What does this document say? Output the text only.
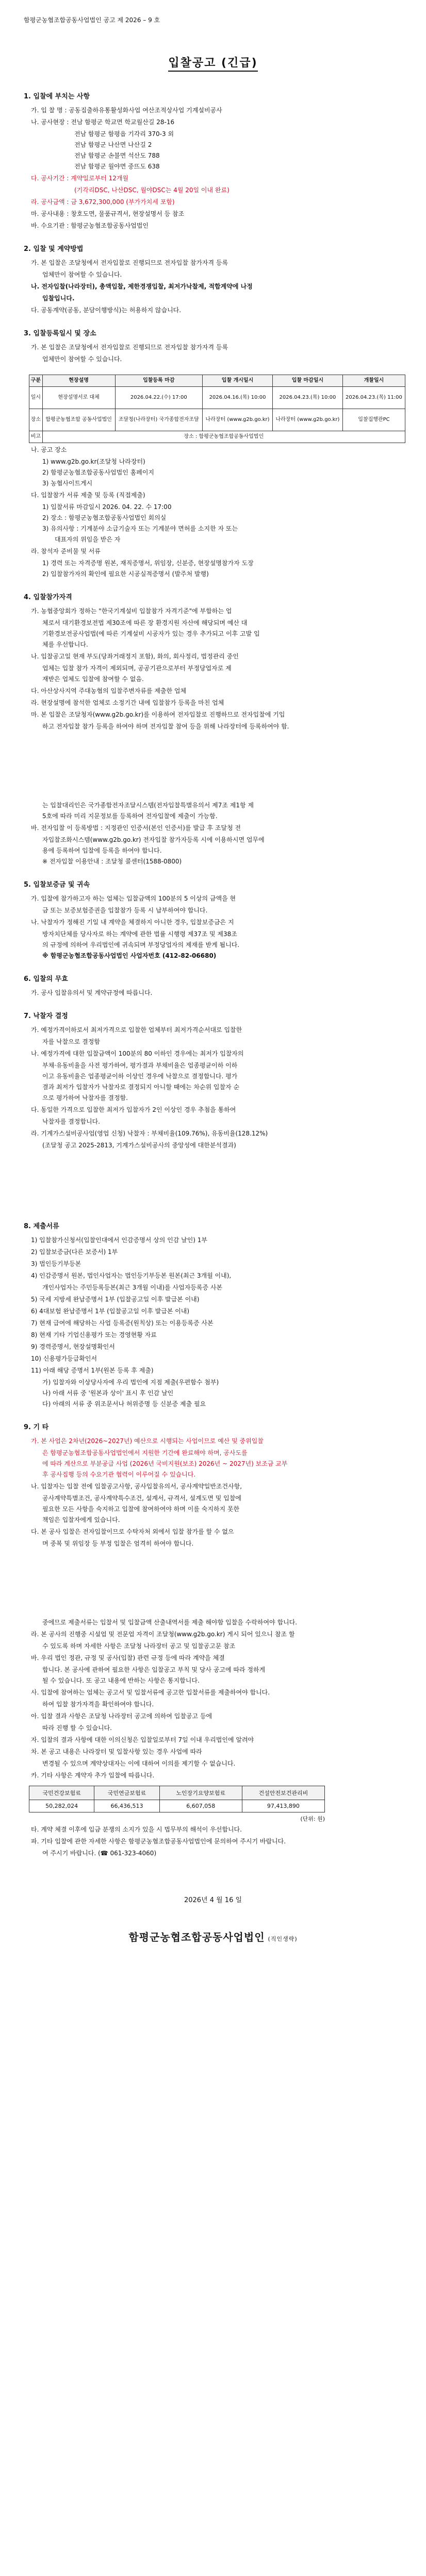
함평군농협조합공동사업법인 공고 제 2026 – 9 호
입찰공고 (긴급)
1. 입찰에 부치는 사항
가. 입 찰 명 : 공동집출하유통활성화사업 여산조적상사업 기계설비공사
나. 공사현장 : 전남 함평군 학교면 학교월산길 28-16
전남 함평군 함평읍 기각리 370-3 외
전남 함평군 나산면 나산길 2
전남 함평군 손불면 석산도 788
전남 함평군 월야면 중뜨도 638
다. 공사기간 : 계약일로부터 12개월
(기각리DSC, 나산DSC, 월야DSC는 4월 20일 이내 완료)
라. 공사금액 : 금 3,672,300,000 (부가가치세 포함)
마. 공사내용 : 창호도면, 물품규격서, 현장설명서 등 참조
바. 수요기관 : 함평군농협조합공동사업법인
2. 입찰 및 계약방법
가. 본 입찰은 조달청에서 전자입찰로 진행되므로 전자입찰 참가자격 등록
업체만이 참여할 수 있습니다.
나. 전자입찰(나라장터), 총액입찰, 제한경쟁입찰, 최저가낙찰제, 적합계약에 나정
입찰입니다.
다. 공동계약(공동, 분담이행방식)는 허용하지 않습니다.
3. 입찰등록일시 및 장소
가. 본 입찰은 조달청에서 전자입찰로 진행되므로 전자입찰 참가자격 등록
업체만이 참여할 수 있습니다.
구분	현장설명	입찰등록 마감	입찰 개시일시	입찰 마감일시	개찰일시
일시	현장설명서로 대체	2026.04.22.(수) 17:00	2026.04.16.(목) 10:00	2026.04.23.(목) 10:00	2026.04.23.(목) 11:00
장소	함평군농협조합 공동사업법인	조달청(나라장터) 국가종합전자조달	나라장터 (www.g2b.go.kr)	나라장터 (www.g2b.go.kr)	입찰집행관PC
비고	장소 : 함평군농협조합공동사업법인				
나. 공고 장소
1) www.g2b.go.kr(조달청 나라장터)
2) 함평군농협조합공동사업법인 홈페이지
3) 농협사이트게시
다. 입찰참가 서류 제출 및 등록 (직접제출)
1) 입찰서류 마감일시 2026. 04. 22. 수 17:00
2) 장소 : 함평군농협조합공동사업법인 회의실
3) 유의사항 : 기계분야 소급기술자 또는 기계분야 면허를 소지한 자 또는
대표자의 위임을 받은 자
라. 참석자 준비물 및 서류
1) 경력 또는 자격증명 원본, 재직증명서, 위임장, 신분증, 현장설명참가자 도장
2) 입찰참가자의 확인에 필요한 시공실적증명서 (발주처 발행)
4. 입찰참가자격
가. 농협중앙회가 정하는 "한국기계설비 입찰참가 자격기준"에 부합하는 업
체로서 대기환경보전법 제30조에 따른 장 환경지원 자산에 해당되며 예산 대
기환경보전공사업법(에 따른 기계설비 시공자가 있는 경우 추가되고 이후 고발 입
체를 우선합니다.
나. 입찰공고일 현재 부도(당좌거래정지 포함), 화의, 회사정리, 법정관리 중인
업체는 입찰 참가 자격이 제외되며, 공공기관으로부터 부정당업자로 제
재받은 업체도 입찰에 참여할 수 없음.
다. 아산상사지역 주대농협의 입찰주변자류를 제출한 업체
라. 현장설명에 참석한 업체로 소정기간 내에 입찰참가 등록을 마친 업체
마. 본 입찰은 조달청자(www.g2b.go.kr)를 이용하여 전자입찰로 진행하므로 전자입찰에 기입
하고 전자입찰 참가 등록을 하여야 하며 전자입찰 참여 등을 위해 나라장터에 등록하여야 함.
는 입찰대리인은 국가종합전자조달시스템(전자입찰특별유의서 제7조 제1항 제
5호에 따라 미리 지문정보를 등록하여 전자입찰에 제출이 가능함.
바. 전자입찰 이 등록방법 : 지정관인 인증서(본인 인증서)를 발급 후 조달청 전
자입찰조화시스템(www.g2b.go.kr) 전자입찰 참가자등록 시에 이용하시면 업무에
용에 등록하여 입찰에 등록을 하여야 합니다.
※ 전자입찰 이용안내 : 조달청 콜센터(1588-0800)
5. 입찰보증금 및 귀속
가. 입찰에 참가하고자 하는 업체는 입찰금액의 100분의 5 이상의 금액을 현
금 또는 보증보험증권을 입찰참가 등록 시 납부하여야 합니다.
나. 낙찰자가 정해진 기일 내 계약을 체결하지 아니한 경우, 입찰보증금은 지
방자치단체를 당사자로 하는 계약에 관한 법률 시행령 제37조 및 제38조
의 규정에 의하여 우리법인에 귀속되며 부정당업자의 제재를 받게 됩니다.
※ 함평군농협조합공동사업법인 사업자번호 (412-82-06680)
6. 입찰의 무효
가. 공사 입찰유의서 및 계약규정에 따릅니다.
7. 낙찰자 결정
가. 예정가격이하로서 최저가격으로 입찰한 업체부터 최저가격순서대로 입찰한
자를 낙찰으로 결정함
나. 예정가격에 대한 입찰금액이 100분의 80 이하인 경우에는 최저가 입찰자의
부채·유동비율을 사전 평가하여, 평가결과 부채비율은 업종평균이하 이하
이고 유동비율은 업종평균이하 이상인 경우에 낙찰으로 결정합니다. 평가
결과 최저가 입찰자가 낙찰자로 결정되지 아니할 때에는 차순위 입찰자 순
으로 평가하여 낙찰자를 결정함.
다. 동일한 가격으로 입찰한 최저가 입찰자가 2인 이상인 경우 추첨을 통하여
낙찰자를 결정합니다.
라. 기계가스설비공사업(영업 신청) 낙찰자 : 부채비율(109.76%), 유동비율(128.12%)
(조달청 공고 2025-2813, 기계가스설비공사의 중앙성에 대한분석결과)
8. 제출서류
1) 입찰참가신청서(입찰인대에서 인감증명서 상의 인감 날인) 1부
2) 입찰보증금(다른 보증서) 1부
3) 법인등기부등본
4) 인감증명서 원본, 법인사업자는 법인등기부등본 원본(최근 3개월 이내),
개인사업자는 주민등록등본(최근 3개월 이내)를 사업자등록증 사본
5) 국세 지방세 완납증명서 1부 (입찰공고일 이후 발급본 이내)
6) 4대보험 완납증명서 1부 (입찰공고일 이후 발급본 이내)
7) 현재 급여에 해당하는 사업 등록증(원칙상) 또는 이용등록증 사본
8) 현재 기타 기업신용평가 또는 경영현황 자료
9) 경력증명서, 현장설명확인서
10) 신용평가등급확인서
11) 아래 해당 증명서 1부(원본 등록 후 제출)
가) 입찰자와 이상당사자에 우리 법인에 지점 제출(우편함수 첨부)
나) 아래 서류 중 '원본과 상이' 표시 후 인감 날인
다) 아래의 서류 중 위조문서나 허위증명 등 신분증 제출 필요
9. 기 타
가. 본 사업은 2차년(2026~2027년) 예산으로 시행되는 사업이므로 예산 및 중위입찰
은 함평군농협조합공동사업법인에서 지원한 기간에 완료해야 하며, 공사도를
에 따라 계산으로 부분공급 사업 (2026년 국비지원(보조) 2026년 ~ 2027년) 보조금 교부
후 공사집행 등의 수요기관 협력이 이루어질 수 있습니다.
나. 입찰자는 입찰 전에 입찰공고사항, 공사입찰유의서, 공사계약일반조건사항,
공사계약특별조건, 공사계약특수조건, 설계서, 규격서, 설계도면 및 입찰에
필요한 모든 사항을 숙지하고 입찰에 참여하여야 하며 이를 숙지하지 못한
책임은 입찰자에게 있습니다.
다. 본 공사 입찰은 전자입찰이므로 수탁자처 외에서 입찰 참가를 할 수 없으
며 중복 및 위임장 등 부정 입찰은 엄격히 하여야 합니다.
중에므로 제출서류는 입찰서 및 입찰금액 산출내역서를 제출 해야함 입찰을 수락하여야 합니다.
라. 본 공사의 진행중 시설업 및 전문업 자격이 조달청(www.g2b.go.kr) 게시 되어 있으니 참조 할
수 있도록 하며 자세한 사항은 조달청 나라장터 공고 및 입찰공고문 참조
바. 우리 법인 정관, 규정 및 공사(입찰) 관련 규정 등에 따라 계약을 체결
합니다. 본 공사에 관하여 필요한 사항은 입찰공고 부칙 및 당사 공고에 따라 정하게
될 수 있습니다. 또 공고 내용에 반하는 사항은 통지합니다.
사. 입찰에 참여하는 업체는 공고서 및 입찰서류에 공고한 입찰서류를 제출하여야 합니다.
하여 입찰 참가자격을 확인하여야 합니다.
아. 입찰 결과 사항은 조달청 나라장터 공고에 의하여 입찰공고 등에
따라 진행 할 수 있습니다.
자. 입찰의 결과 사항에 대한 이의신청은 입찰일로부터 7일 이내 우리법인에 알려야
차. 본 공고 내용은 나라장터 및 입찰사항 있는 경우 사업에 따라
변경될 수 있으며 계약상대자는 이에 대하여 이의를 제기할 수 없습니다.
카. 기타 사항은 계약자 추가 입찰에 따릅니다.
국민건강보험료	국민연금보험료	노인장기요양보험료	건설안전보건관리비
50,282,024	66,436,513	6,607,058	97,413,890
(단위: 원)
타. 계약 체결 이후에 입금 분쟁의 소지가 있을 시 법무부의 해석이 우선합니다.
파. 기타 입찰에 관한 자세한 사항은 함평군농협조합공동사업법인에 문의하여 주시기 바랍니다.
여 주시기 바랍니다. (☎ 061-323-4060)
2026년 4 월 16 일
함평군농협조합공동사업법인 (직인생략)
